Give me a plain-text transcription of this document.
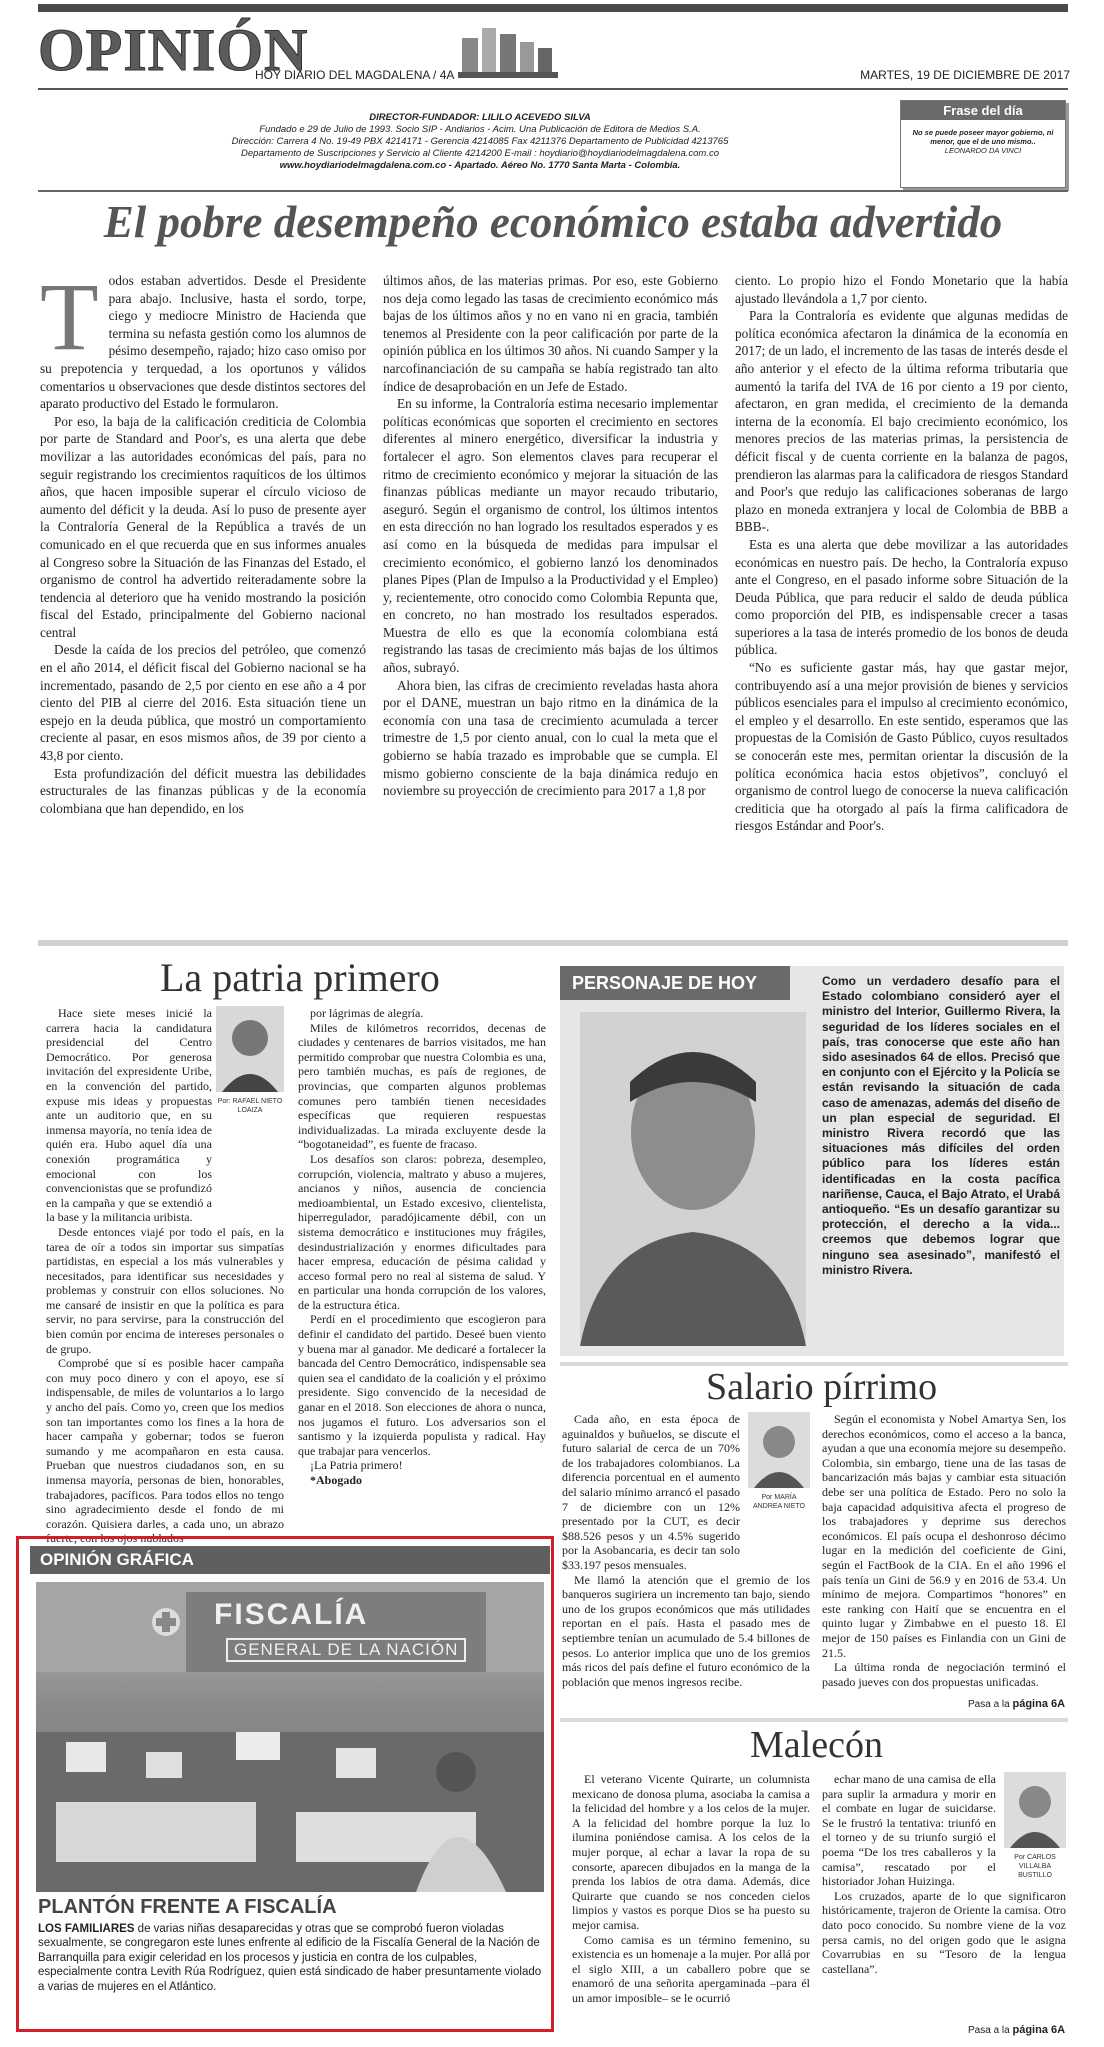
OPINIÓN
HOY DIARIO DEL MAGDALENA / 4A	MARTES, 19 DE DICIEMBRE DE 2017
DIRECTOR-FUNDADOR: LILILO ACEVEDO SILVA
Fundado e 29 de Julio de 1993. Socio SIP - Andiarios - Acim. Una Publicación de Editora de Medios S.A.
Dirección: Carrera 4 No. 19-49 PBX 4214171 - Gerencia 4214085 Fax 4211376 Departamento de Publicidad 4213765
Departamento de Suscripciones y Servicio al Cliente 4214200 E-mail : hoydiario@hoydiariodelmagdalena.com.co
www.hoydiariodelmagdalena.com.co - Apartado. Aéreo No. 1770 Santa Marta - Colombia.
Frase del día
No se puede poseer mayor gobierno, ni menor, que el de uno mismo..
LEONARDO DA VINCI
El pobre desempeño económico estaba advertido
T odos estaban advertidos. Desde el Presidente para abajo. Inclusive, hasta el sordo, torpe, ciego y mediocre Ministro de Hacienda que termina su nefasta gestión como los alumnos de pésimo desempeño, rajado; hizo caso omiso por su prepotencia y terquedad, a los oportunos y válidos comentarios u observaciones que desde distintos sectores del aparato productivo del Estado le formularon.

Por eso, la baja de la calificación crediticia de Colombia por parte de Standard and Poor's, es una alerta que debe movilizar a las autoridades económicas del país, para no seguir registrando los crecimientos raquíticos de los últimos años, que hacen imposible superar el círculo vicioso de aumento del déficit y la deuda. Así lo puso de presente ayer la Contraloría General de la República a través de un comunicado en el que recuerda que en sus informes anuales al Congreso sobre la Situación de las Finanzas del Estado, el organismo de control ha advertido reiteradamente sobre la tendencia al deterioro que ha venido mostrando la posición fiscal del Estado, principalmente del Gobierno nacional central

Desde la caída de los precios del petróleo, que comenzó en el año 2014, el déficit fiscal del Gobierno nacional se ha incrementado, pasando de 2,5 por ciento en ese año a 4 por ciento del PIB al cierre del 2016. Esta situación tiene un espejo en la deuda pública, que mostró un comportamiento creciente al pasar, en esos mismos años, de 39 por ciento a 43,8 por ciento.

Esta profundización del déficit muestra las debilidades estructurales de las finanzas públicas y de la economía colombiana que han dependido, en los

últimos años, de las materias primas. Por eso, este Gobierno nos deja como legado las tasas de crecimiento económico más bajas de los últimos años y no en vano ni en gracia, también tenemos al Presidente con la peor calificación por parte de la opinión pública en los últimos 30 años. Ni cuando Samper y la narcofinanciación de su campaña se había registrado tan alto índice de desaprobación en un Jefe de Estado.

En su informe, la Contraloría estima necesario implementar políticas económicas que soporten el crecimiento en sectores diferentes al minero energético, diversificar la industria y fortalecer el agro. Son elementos claves para recuperar el ritmo de crecimiento económico y mejorar la situación de las finanzas públicas mediante un mayor recaudo tributario, aseguró. Según el organismo de control, los últimos intentos en esta dirección no han logrado los resultados esperados y es así como en la búsqueda de medidas para impulsar el crecimiento económico, el gobierno lanzó los denominados planes Pipes (Plan de Impulso a la Productividad y el Empleo) y, recientemente, otro conocido como Colombia Repunta que, en concreto, no han mostrado los resultados esperados. Muestra de ello es que la economía colombiana está registrando las tasas de crecimiento más bajas de los últimos años, subrayó.

Ahora bien, las cifras de crecimiento reveladas hasta ahora por el DANE, muestran un bajo ritmo en la dinámica de la economía con una tasa de crecimiento acumulada a tercer trimestre de 1,5 por ciento anual, con lo cual la meta que el gobierno se había trazado es improbable que se cumpla. El mismo gobierno consciente de la baja dinámica redujo en noviembre su proyección de crecimiento para 2017 a 1,8 por

ciento. Lo propio hizo el Fondo Monetario que la había ajustado llevándola a 1,7 por ciento.

Para la Contraloría es evidente que algunas medidas de política económica afectaron la dinámica de la economía en 2017; de un lado, el incremento de las tasas de interés desde el año anterior y el efecto de la última reforma tributaria que aumentó la tarifa del IVA de 16 por ciento a 19 por ciento, afectaron, en gran medida, el crecimiento de la demanda interna de la economía. El bajo crecimiento económico, los menores precios de las materias primas, la persistencia de déficit fiscal y de cuenta corriente en la balanza de pagos, prendieron las alarmas para la calificadora de riesgos Standard and Poor's que redujo las calificaciones soberanas de largo plazo en moneda extranjera y local de Colombia de BBB a BBB-.

Esta es una alerta que debe movilizar a las autoridades económicas en nuestro país. De hecho, la Contraloría expuso ante el Congreso, en el pasado informe sobre Situación de la Deuda Pública, que para reducir el saldo de deuda pública como proporción del PIB, es indispensable crecer a tasas superiores a la tasa de interés promedio de los bonos de deuda pública.

“No es suficiente gastar más, hay que gastar mejor, contribuyendo así a una mejor provisión de bienes y servicios públicos esenciales para el impulso al crecimiento económico, el empleo y el desarrollo. En este sentido, esperamos que las propuestas de la Comisión de Gasto Público, cuyos resultados se conocerán este mes, permitan orientar la discusión de la política económica hacia estos objetivos”, concluyó el organismo de control luego de conocerse la nueva calificación crediticia que ha otorgado al país la firma calificadora de riesgos Estándar and Poor's.

La patria primero
Por: RAFAEL NIETO LOAIZA

Hace siete meses inicié la carrera hacia la candidatura presidencial del Centro Democrático. Por generosa invitación del expresidente Uribe, en la convención del partido, expuse mis ideas y propuestas ante un auditorio que, en su inmensa mayoría, no tenía idea de quién era. Hubo aquel día una conexión programática y emocional con los convencionistas que se profundizó en la campaña y que se extendió a la base y la militancia uribista.

Desde entonces viajé por todo el país, en la tarea de oír a todos sin importar sus simpatías partidistas, en especial a los más vulnerables y necesitados, para identificar sus necesidades y problemas y construir con ellos soluciones. No me cansaré de insistir en que la política es para servir, no para servirse, para la construcción del bien común por encima de intereses personales o de grupo.

Comprobé que sí es posible hacer campaña con muy poco dinero y con el apoyo, ese sí indispensable, de miles de voluntarios a lo largo y ancho del país. Como yo, creen que los medios son tan importantes como los fines a la hora de hacer campaña y gobernar; todos se fueron sumando y me acompañaron en esta causa. Prueban que nuestros ciudadanos son, en su inmensa mayoría, personas de bien, honorables, trabajadores, pacíficos. Para todos ellos no tengo sino agradecimiento desde el fondo de mi corazón. Quisiera darles, a cada uno, un abrazo fuerte, con los ojos nublados

por lágrimas de alegría.

Miles de kilómetros recorridos, decenas de ciudades y centenares de barrios visitados, me han permitido comprobar que nuestra Colombia es una, pero también muchas, es país de regiones, de provincias, que comparten algunos problemas comunes pero también tienen necesidades específicas que requieren respuestas individualizadas. La mirada excluyente desde la “bogotaneidad”, es fuente de fracaso.

Los desafíos son claros: pobreza, desempleo, corrupción, violencia, maltrato y abuso a mujeres, ancianos y niños, ausencia de conciencia medioambiental, un Estado excesivo, clientelista, hiperregulador, paradójicamente débil, con un sistema democrático e instituciones muy frágiles, desindustrialización y enormes dificultades para hacer empresa, educación de pésima calidad y acceso formal pero no real al sistema de salud. Y en particular una honda corrupción de los valores, de la estructura ética.

Perdí en el procedimiento que escogieron para definir el candidato del partido. Deseé buen viento y buena mar al ganador. Me dedicaré a fortalecer la bancada del Centro Democrático, indispensable sea quien sea el candidato de la coalición y el próximo presidente. Sigo convencido de la necesidad de ganar en el 2018. Son elecciones de ahora o nunca, nos jugamos el futuro. Los adversarios son el santismo y la izquierda populista y radical. Hay que trabajar para vencerlos.

¡La Patria primero!

*Abogado

PERSONAJE DE HOY	Como un verdadero desafío para el Estado colombiano consideró ayer el ministro del Interior, Guillermo Rivera, la seguridad de los líderes sociales en el país, tras conocerse que este año han sido asesinados 64 de ellos. Precisó que en conjunto con el Ejército y la Policía se están revisando la situación de cada caso de amenazas, además del diseño de un plan especial de seguridad. El ministro Rivera recordó que las situaciones más difíciles del orden público para los líderes están identificadas en la costa pacífica nariñense, Cauca, el Bajo Atrato, el Urabá antioqueño. “Es un desafío garantizar su protección, el derecho a la vida... creemos que debemos lograr que ninguno sea asesinado”, manifestó el ministro Rivera.
Salario pírrimo
Por MARÍA ANDREA NIETO

Cada año, en esta época de aguinaldos y buñuelos, se discute el futuro salarial de cerca de un 70% de los trabajadores colombianos. La diferencia porcentual en el aumento del salario mínimo arrancó el pasado 7 de diciembre con un 12% presentado por la CUT, es decir $88.526 pesos y un 4.5% sugerido por la Asobancaria, es decir tan solo $33.197 pesos mensuales.

Me llamó la atención que el gremio de los banqueros sugiriera un incremento tan bajo, siendo uno de los grupos económicos que más utilidades reportan en el país. Hasta el pasado mes de septiembre tenían un acumulado de 5.4 billones de pesos. Lo anterior implica que uno de los gremios más ricos del país define el futuro económico de la población que menos ingresos recibe.

Según el economista y Nobel Amartya Sen, los derechos económicos, como el acceso a la banca, ayudan a que una economía mejore su desempeño. Colombia, sin embargo, tiene una de las tasas de bancarización más bajas y cambiar esta situación debe ser una política de Estado. Pero no solo la baja capacidad adquisitiva afecta el progreso de los trabajadores y deprime sus derechos económicos. El país ocupa el deshonroso décimo lugar en la medición del coeficiente de Gini, según el FactBook de la CIA. En el año 1996 el país tenía un Gini de 56.9 y en 2016 de 53.4. Un mínimo de mejora. Compartimos “honores” en este ranking con Haití que se encuentra en el quinto lugar y Zimbabwe en el puesto 18. El mejor de 150 países es Finlandia con un Gini de 21.5.

La última ronda de negociación terminó el pasado jueves con dos propuestas unificadas.

Pasa a la página 6A
Malecón
Por CARLOS VILLALBA BUSTILLO

El veterano Vicente Quirarte, un columnista mexicano de donosa pluma, asociaba la camisa a la felicidad del hombre y a los celos de la mujer. A la felicidad del hombre porque la luz lo ilumina poniéndose camisa. A los celos de la mujer porque, al echar a lavar la ropa de su consorte, aparecen dibujados en la manga de la prenda los labios de otra dama. Además, dice Quirarte que cuando se nos conceden cielos limpios y vastos es porque Dios se ha puesto su mejor camisa.

Como camisa es un término femenino, su existencia es un homenaje a la mujer. Por allá por el siglo XIII, a un caballero pobre que se enamoró de una señorita apergaminada –para él un amor imposible– se le ocurrió

echar mano de una camisa de ella para suplir la armadura y morir en el combate en lugar de suicidarse. Se le frustró la tentativa: triunfó en el torneo y de su triunfo surgió el poema “De los tres caballeros y la camisa”, rescatado por el historiador Johan Huizinga.

Los cruzados, aparte de lo que significaron históricamente, trajeron de Oriente la camisa. Otro dato poco conocido. Su nombre viene de la voz persa camis, no del origen godo que le asigna Covarrubias en su “Tesoro de la lengua castellana”.

Pasa a la página 6A
OPINIÓN GRÁFICA
FISCALÍA
GENERAL DE LA NACIÓN
PLANTÓN FRENTE A FISCALÍA
LOS FAMILIARES de varias niñas desaparecidas y otras que se comprobó fueron violadas sexualmente, se congregaron este lunes enfrente al edificio de la Fiscalía General de la Nación de Barranquilla para exigir celeridad en los procesos y justicia en contra de los culpables, especialmente contra Levith Rúa Rodríguez, quien está sindicado de haber presuntamente violado a varias de mujeres en el Atlántico.
